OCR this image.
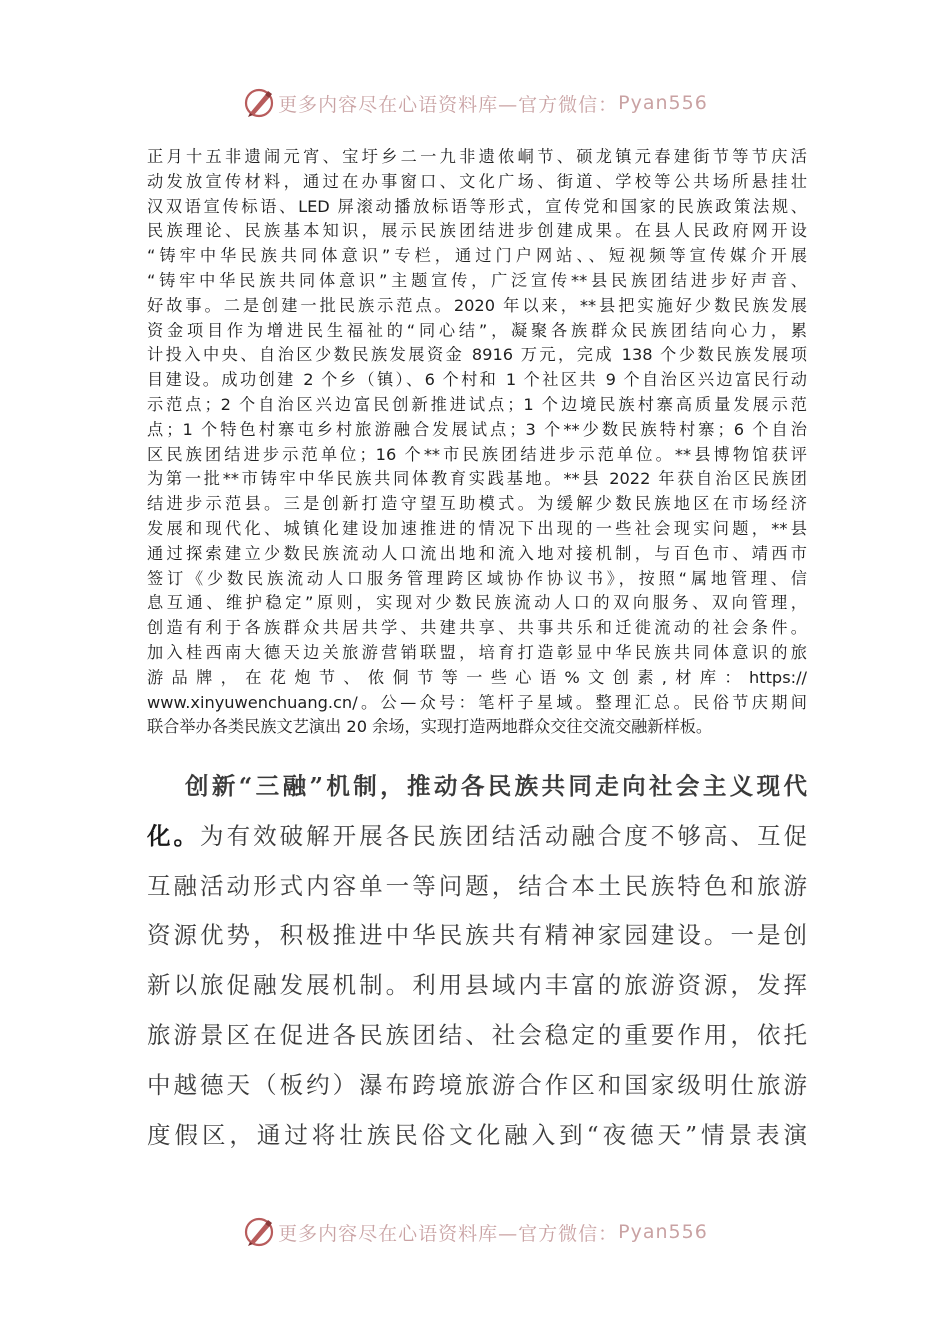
更多内容尽在心语资料库—官方微信： Pyan556
正月十五非遗闹元宵、宝圩乡二一九非遗侬峒节、硕龙镇元春建街节等节庆活
动发放宣传材料，通过在办事窗口、文化广场、街道、学校等公共场所悬挂壮
汉双语宣传标语、LED 屏滚动播放标语等形式，宣传党和国家的民族政策法规、
民族理论、民族基本知识，展示民族团结进步创建成果。在县人民政府网开设
“铸牢中华民族共同体意识”专栏，通过门户网站、、短视频等宣传媒介开展
“铸牢中华民族共同体意识”主题宣传，广泛宣传**县民族团结进步好声音、
好故事。二是创建一批民族示范点。2020 年以来，**县把实施好少数民族发展
资金项目作为增进民生福祉的“同心结”，凝聚各族群众民族团结向心力，累
计投入中央、自治区少数民族发展资金 8916 万元，完成 138 个少数民族发展项
目建设。成功创建 2 个乡（镇）、6 个村和 1 个社区共 9 个自治区兴边富民行动
示范点；2 个自治区兴边富民创新推进试点；1 个边境民族村寨高质量发展示范
点；1 个特色村寨屯乡村旅游融合发展试点；3 个**少数民族特村寨；6 个自治
区民族团结进步示范单位；16 个**市民族团结进步示范单位。**县博物馆获评
为第一批**市铸牢中华民族共同体教育实践基地。**县 2022 年获自治区民族团
结进步示范县。三是创新打造守望互助模式。为缓解少数民族地区在市场经济
发展和现代化、城镇化建设加速推进的情况下出现的一些社会现实问题，**县
通过探索建立少数民族流动人口流出地和流入地对接机制，与百色市、靖西市
签订《少数民族流动人口服务管理跨区域协作协议书》，按照“属地管理、信
息互通、维护稳定”原则，实现对少数民族流动人口的双向服务、双向管理，
创造有利于各族群众共居共学、共建共享、共事共乐和迁徙流动的社会条件。
加入桂西南大德天边关旅游营销联盟，培育打造彰显中华民族共同体意识的旅
游品牌，在花炮节、侬侗节等一些心语%文创素,材库：https://
www.xinyuwenchuang.cn/。公—众号：笔杆子星域。整理汇总。民俗节庆期间
联合举办各类民族文艺演出 20 余场，实现打造两地群众交往交流交融新样板。
创新“三融”机制，推动各民族共同走向社会主义现代
化。为有效破解开展各民族团结活动融合度不够高、互促
互融活动形式内容单一等问题，结合本土民族特色和旅游
资源优势，积极推进中华民族共有精神家园建设。一是创
新以旅促融发展机制。利用县域内丰富的旅游资源，发挥
旅游景区在促进各民族团结、社会稳定的重要作用，依托
中越德天（板约）瀑布跨境旅游合作区和国家级明仕旅游
度假区，通过将壮族民俗文化融入到“夜德天”情景表演
更多内容尽在心语资料库—官方微信： Pyan556
